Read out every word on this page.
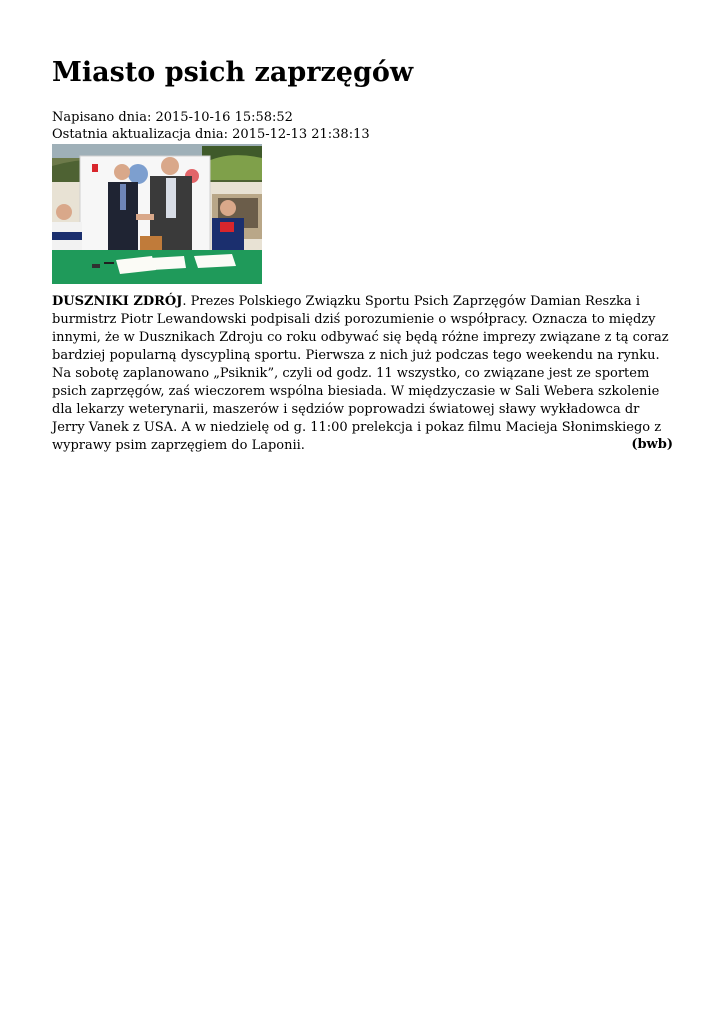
Miasto psich zaprzęgów
Napisano dnia: 2015-10-16 15:58:52
Ostatnia aktualizacja dnia: 2015-12-13 21:38:13

DUSZNIKI ZDRÓJ. Prezes Polskiego Związku Sportu Psich Zaprzęgów Damian Reszka i burmistrz Piotr Lewandowski podpisali dziś porozumienie o współpracy. Oznacza to między innymi, że w Dusznikach Zdroju co roku odbywać się będą różne imprezy związane z tą coraz bardziej popularną dyscypliną sportu. Pierwsza z nich już podczas tego weekendu na rynku. Na sobotę zaplanowano „Psiknik”, czyli od godz. 11 wszystko, co związane jest ze sportem psich zaprzęgów, zaś wieczorem wspólna biesiada. W międzyczasie w Sali Webera szkolenie dla lekarzy weterynarii, maszerów i sędziów poprowadzi światowej sławy wykładowca dr Jerry Vanek z USA. A w niedzielę od g. 11:00 prelekcja i pokaz filmu Macieja Słonimskiego z wyprawy psim zaprzęgiem do Laponii.	(bwb)
